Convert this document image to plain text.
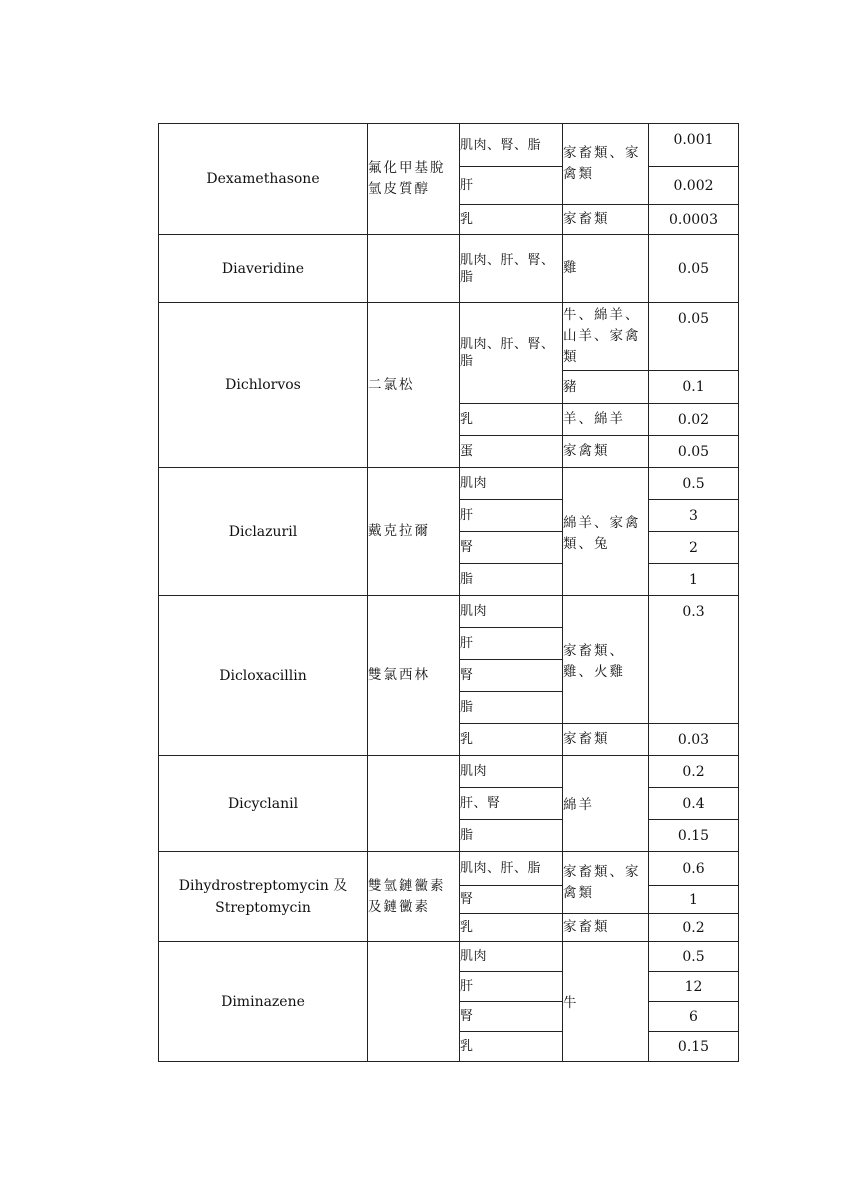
Dexamethasone	氟化甲基脫氫皮質醇	肌肉、腎、脂	家畜類、家禽類	0.001
		肝		0.002
		乳	家畜類	0.0003
Diaveridine		肌肉、肝、腎、脂	雞	0.05
Dichlorvos	二氯松	肌肉、肝、腎、脂	牛、綿羊、山羊、家禽類	0.05
			豬	0.1
		乳	羊、綿羊	0.02
		蛋	家禽類	0.05
Diclazuril	戴克拉爾	肌肉	綿羊、家禽類、兔	0.5
		肝		3
		腎		2
		脂		1
Dicloxacillin	雙氯西林	肌肉	家畜類、雞、火雞	0.3
		肝		
		腎		
		脂		
		乳	家畜類	0.03
Dicyclanil		肌肉	綿羊	0.2
		肝、腎		0.4
		脂		0.15

Dihydrostreptomycin 及
Streptomycin	雙氫鏈黴素及鏈黴素	肌肉、肝、脂	家畜類、家禽類	0.6
		腎		1
		乳	家畜類	0.2
Diminazene		肌肉	牛	0.5
		肝		12
		腎		6
		乳		0.15
